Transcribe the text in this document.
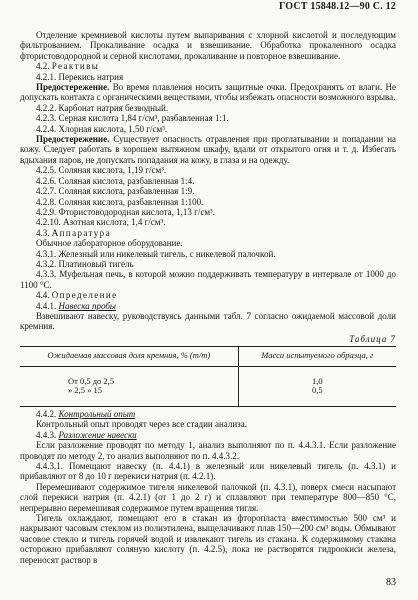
ГОСТ 15848.12—90 С. 12

Отделение кремниевой кислоты путем выпаривания с хлорной кислотой и последующим фильтрованием. Прокаливание осадка и взвешивание. Обработка прокаленного осадка фтористоводородной и серной кислотами, прокаливание и повторное взвешивание.

4.2. Реактивы

4.2.1. Перекись натрия

Предостережение. Во время плавления носить защитные очки. Предохранять от влаги. Не допускать контакта с органическими веществами, чтобы избежать опасности возможного взрыва.

4.2.2. Карбонат натрия безводный.

4.2.3. Серная кислота 1,84 г/см³, разбавленная 1:1.

4.2.4. Хлорная кислота, 1,50 г/см³.

Предостережение. Существует опасность отравления при проглатывании и попадании на кожу. Следует работать в хорошем вытяжном шкафу, вдали от открытого огня и т. д. Избегать вдыхания паров, не допускать попадания на кожу, в глаза и на одежду.

4.2.5. Соляная кислота, 1,19 г/см³.

4.2.6. Соляная кислота, разбавленная 1:4.

4.2.7. Соляная кислота, разбавленная 1:9.

4.2.8. Соляная кислота, разбавленная 1:100.

4.2.9. Фтористоводородная кислота, 1,13 г/см³.

4.2.10. Азотная кислота, 1,4 г/см³.

4.3. Аппаратура

Обычное лабораторное оборудование.

4.3.1. Железный или никелевый тигель, с никелевой палочкой.

4.3.2. Платиновый тигель

4.3.3. Муфельная печь, в которой можно поддерживать температуру в интервале от 1000 до 1100 °С.

4.4. Определение

4.4.1. Навеска пробы

Взвешивают навеску, руководствуясь данными табл. 7 согласно ожидаемой массовой доли кремния.

Таблица 7

Ожидаемая массовая доля кремния, % (m/m)	Масса испытуемого образца, г
От 0,5 до 2,5	1,0
» 2,5 » 15	0,5

4.4.2. Контрольный опыт

Контрольный опыт проводят через все стадии анализа.

4.4.3. Разложение навески

Если разложение проводят по методу 1, анализ выполняют по п. 4.4.3.1. Если разложение проводят по методу 2, то анализ выполняют по п. 4.4.3.2.

4.4.3.1. Помещают навеску (п. 4.4.1) в железный или никелевый тигель (п. 4.3.1) и прибавляют от 8 до 10 г перекиси натрия (п. 4.2.1).

Перемешивают содержимое тигеля никелевой палочкой (п. 4.3.1), поверх смеси насыпают слой перекиси натрия (п. 4.2.1) (от 1 до 2 г) и сплавляют при температуре 800—850 °С, непрерывно перемешивая содержимое путем вращения тигля.

Тигель охлаждают, помещают его в стакан из фторопласта вместимостью 500 см³ и накрывают часовым стеклом из полиэтилена, выщелачивают плав 150—200 см³ воды. Обмывают часовое стекло и тигель горячей водой и извлекают тигель из стакана. К содержимому стакана осторожно прибавляют соляную кислоту (п. 4.2.5), пока не растворятся гидроокиси железа, переносят раствор в

83
